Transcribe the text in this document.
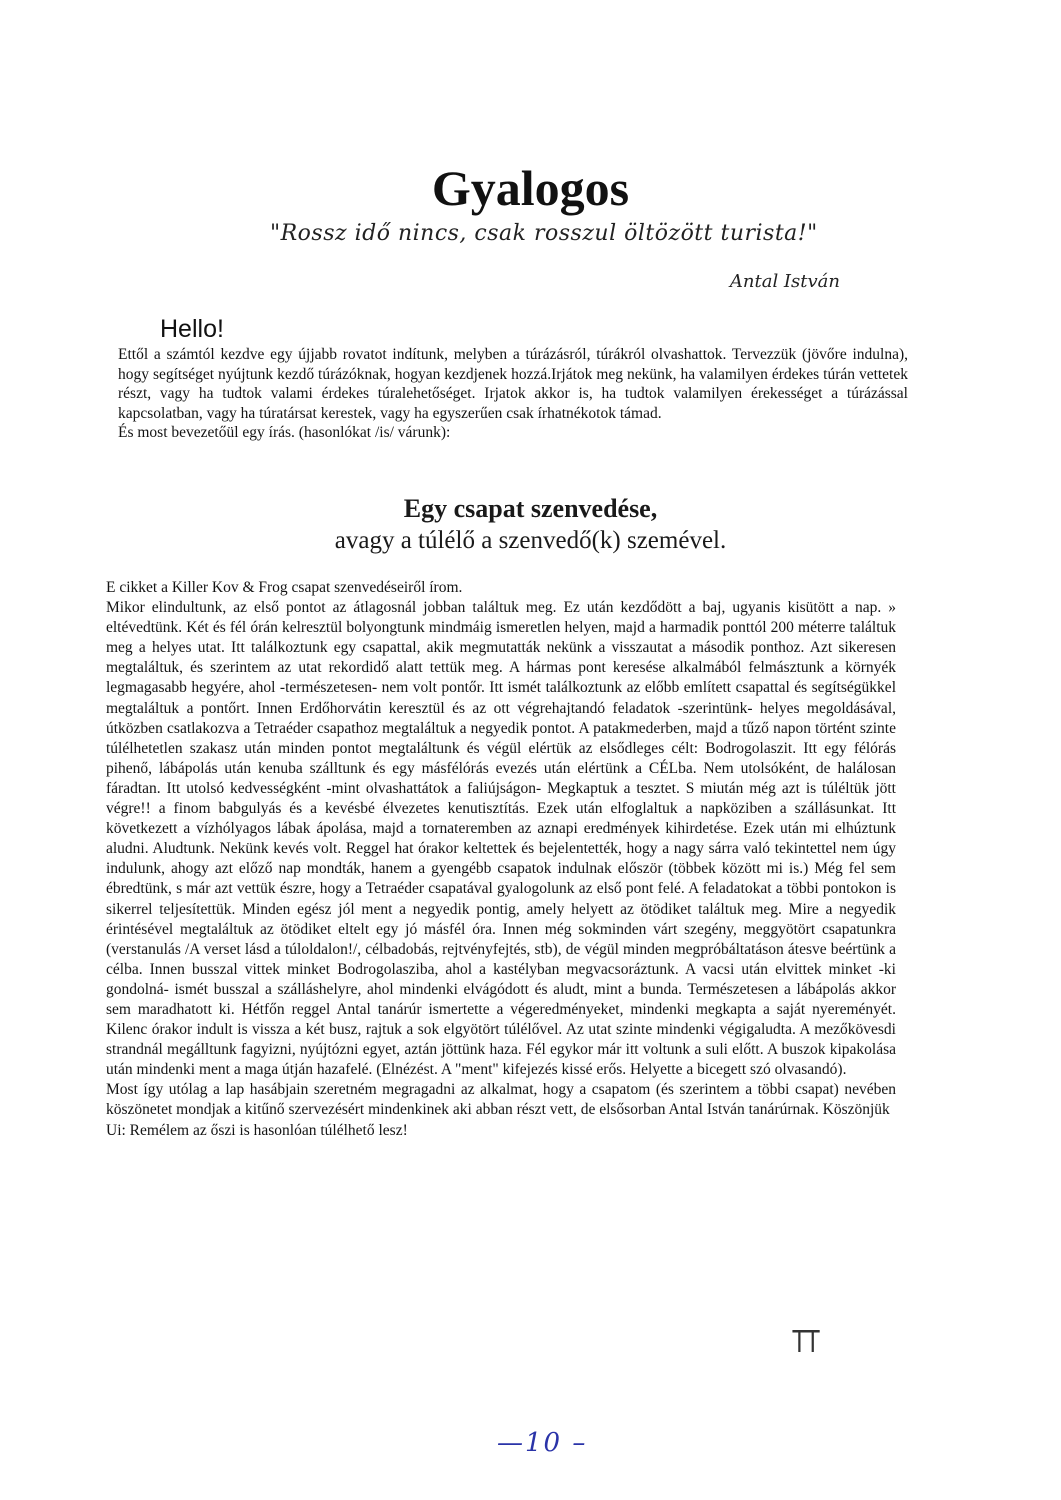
Gyalogos
"Rossz idő nincs, csak rosszul öltözött turista!"
Antal István
Hello!

Ettől a számtól kezdve egy újjabb rovatot indítunk, melyben a túrázásról, túrákról olvashattok. Tervezzük (jövőre indulna), hogy segítséget nyújtunk kezdő túrázóknak, hogyan kezdjenek hozzá.Irjátok meg nekünk, ha valamilyen érdekes túrán vettetek részt, vagy ha tudtok valami érdekes túralehetőséget. Irjatok akkor is, ha tudtok valamilyen érekességet a túrázással kapcsolatban, vagy ha túratársat kerestek, vagy ha egyszerűen csak írhatnékotok támad.

És most bevezetőül egy írás. (hasonlókat /is/ várunk):

Egy csapat szenvedése,
avagy a túlélő a szenvedő(k) szemével.

E cikket a Killer Kov & Frog csapat szenvedéseiről írom.

Mikor elindultunk, az első pontot az átlagosnál jobban találtuk meg. Ez után kezdődött a baj, ugyanis kisütött a nap. » eltévedtünk. Két és fél órán kelresztül bolyongtunk mindmáig ismeretlen helyen, majd a harmadik ponttól 200 méterre találtuk meg a helyes utat. Itt találkoztunk egy csapattal, akik megmutatták nekünk a visszautat a második ponthoz. Azt sikeresen megtaláltuk, és szerintem az utat rekordidő alatt tettük meg. A hármas pont keresése alkalmából felmásztunk a környék legmagasabb hegyére, ahol -természetesen- nem volt pontőr. Itt ismét találkoztunk az előbb említett csapattal és segítségükkel megtaláltuk a pontőrt. Innen Erdőhorvátin keresztül és az ott végrehajtandó feladatok -szerintünk- helyes megoldásával, útközben csatlakozva a Tetraéder csapathoz megtaláltuk a negyedik pontot. A patakmederben, majd a tűző napon történt szinte túlélhetetlen szakasz után minden pontot megtaláltunk és végül elértük az elsődleges célt: Bodrogolaszit. Itt egy félórás pihenő, lábápolás után kenuba szálltunk és egy másfélórás evezés után elértünk a CÉLba. Nem utolsóként, de halálosan fáradtan. Itt utolsó kedvességként -mint olvashattátok a faliújságon- Megkaptuk a tesztet. S miután még azt is túléltük jött végre!! a finom babgulyás és a kevésbé élvezetes kenutisztítás. Ezek után elfoglaltuk a napköziben a szállásunkat. Itt következett a vízhólyagos lábak ápolása, majd a tornateremben az aznapi eredmények kihirdetése. Ezek után mi elhúztunk aludni. Aludtunk. Nekünk kevés volt. Reggel hat órakor keltettek és bejelentették, hogy a nagy sárra való tekintettel nem úgy indulunk, ahogy azt előző nap mondták, hanem a gyengébb csapatok indulnak először (többek között mi is.) Még fel sem ébredtünk, s már azt vettük észre, hogy a Tetraéder csapatával gyalogolunk az első pont felé. A feladatokat a többi pontokon is sikerrel teljesítettük. Minden egész jól ment a negyedik pontig, amely helyett az ötödiket találtuk meg. Mire a negyedik érintésével megtaláltuk az ötödiket eltelt egy jó másfél óra. Innen még sokminden várt szegény, meggyötört csapatunkra (verstanulás /A verset lásd a túloldalon!/, célbadobás, rejtvényfejtés, stb), de végül minden megpróbáltatáson átesve beértünk a célba. Innen busszal vittek minket Bodrogolasziba, ahol a kastélyban megvacsoráztunk. A vacsi után elvittek minket -ki gondolná- ismét busszal a szálláshelyre, ahol mindenki elvágódott és aludt, mint a bunda. Természetesen a lábápolás akkor sem maradhatott ki. Hétfőn reggel Antal tanárúr ismertette a végeredményeket, mindenki megkapta a saját nyereményét. Kilenc órakor indult is vissza a két busz, rajtuk a sok elgyötört túlélővel. Az utat szinte mindenki végigaludta. A mezőkövesdi strandnál megálltunk fagyizni, nyújtózni egyet, aztán jöttünk haza. Fél egykor már itt voltunk a suli előtt. A buszok kipakolása után mindenki ment a maga útján hazafelé. (Elnézést. A "ment" kifejezés kissé erős. Helyette a bicegett szó olvasandó).

Most így utólag a lap hasábjain szeretném megragadni az alkalmat, hogy a csapatom (és szerintem a többi csapat) nevében köszönetet mondjak a kitűnő szervezésért mindenkinek aki abban részt vett, de elsősorban Antal István tanárúrnak. Köszönjük

Ui: Remélem az őszi is hasonlóan túlélhető lesz!

TT
—10 –
